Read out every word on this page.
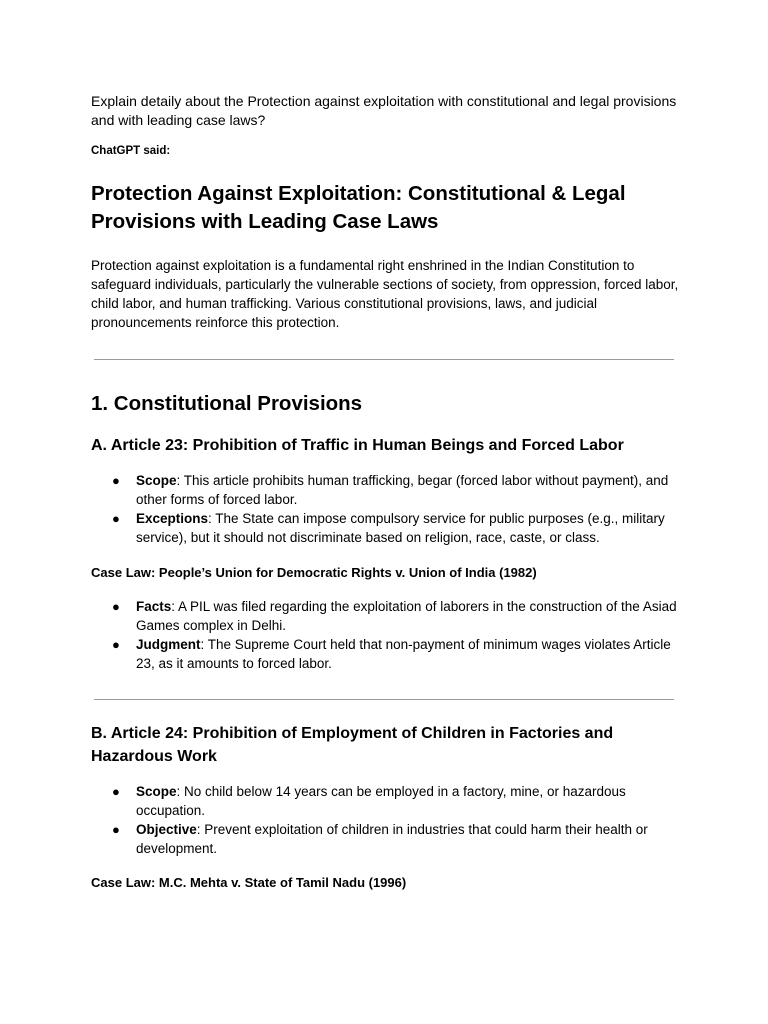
Explain detaily about the Protection against exploitation with constitutional and legal provisions and with leading case laws?

ChatGPT said:

Protection Against Exploitation: Constitutional & Legal Provisions with Leading Case Laws

Protection against exploitation is a fundamental right enshrined in the Indian Constitution to safeguard individuals, particularly the vulnerable sections of society, from oppression, forced labor, child labor, and human trafficking. Various constitutional provisions, laws, and judicial pronouncements reinforce this protection.

1. Constitutional Provisions
A. Article 23: Prohibition of Traffic in Human Beings and Forced Labor
● Scope: This article prohibits human trafficking, begar (forced labor without payment), and other forms of forced labor.
● Exceptions: The State can impose compulsory service for public purposes (e.g., military service), but it should not discriminate based on religion, race, caste, or class.

Case Law: People’s Union for Democratic Rights v. Union of India (1982)

● Facts: A PIL was filed regarding the exploitation of laborers in the construction of the Asiad Games complex in Delhi.
● Judgment: The Supreme Court held that non-payment of minimum wages violates Article 23, as it amounts to forced labor.
B. Article 24: Prohibition of Employment of Children in Factories and Hazardous Work
● Scope: No child below 14 years can be employed in a factory, mine, or hazardous occupation.
● Objective: Prevent exploitation of children in industries that could harm their health or development.

Case Law: M.C. Mehta v. State of Tamil Nadu (1996)
